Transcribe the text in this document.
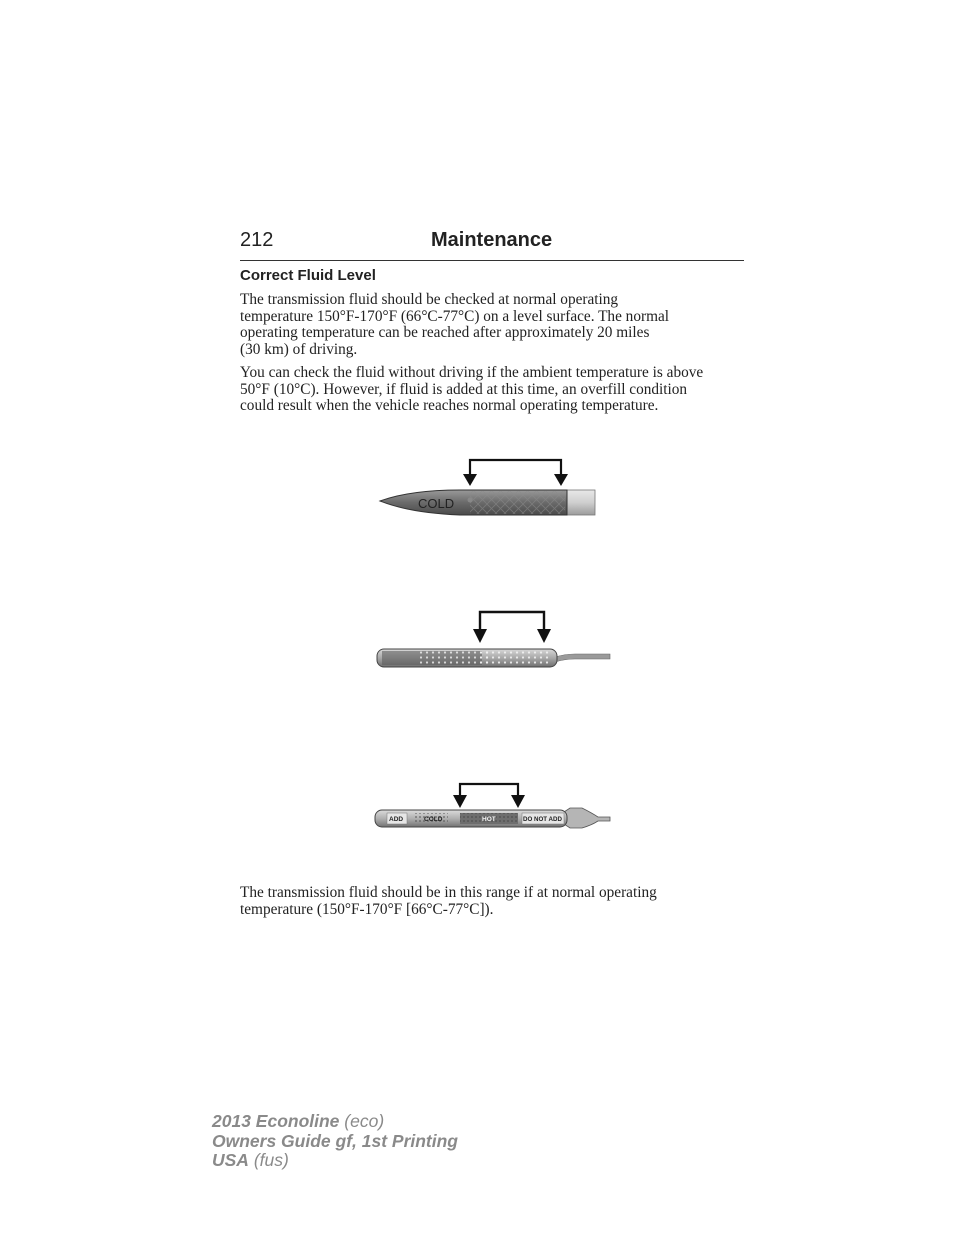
212	Maintenance
Correct Fluid Level

The transmission fluid should be checked at normal operating
temperature 150°F-170°F (66°C-77°C) on a level surface. The normal
operating temperature can be reached after approximately 20 miles
(30 km) of driving.

You can check the fluid without driving if the ambient temperature is above
50°F (10°C). However, if fluid is added at this time, an overfill condition
could result when the vehicle reaches normal operating temperature.

COLD
ADD	COLD	HOT	DO NOT ADD

The transmission fluid should be in this range if at normal operating
temperature (150°F-170°F [66°C-77°C]).

2013 Econoline (eco)
Owners Guide gf, 1st Printing
USA (fus)
